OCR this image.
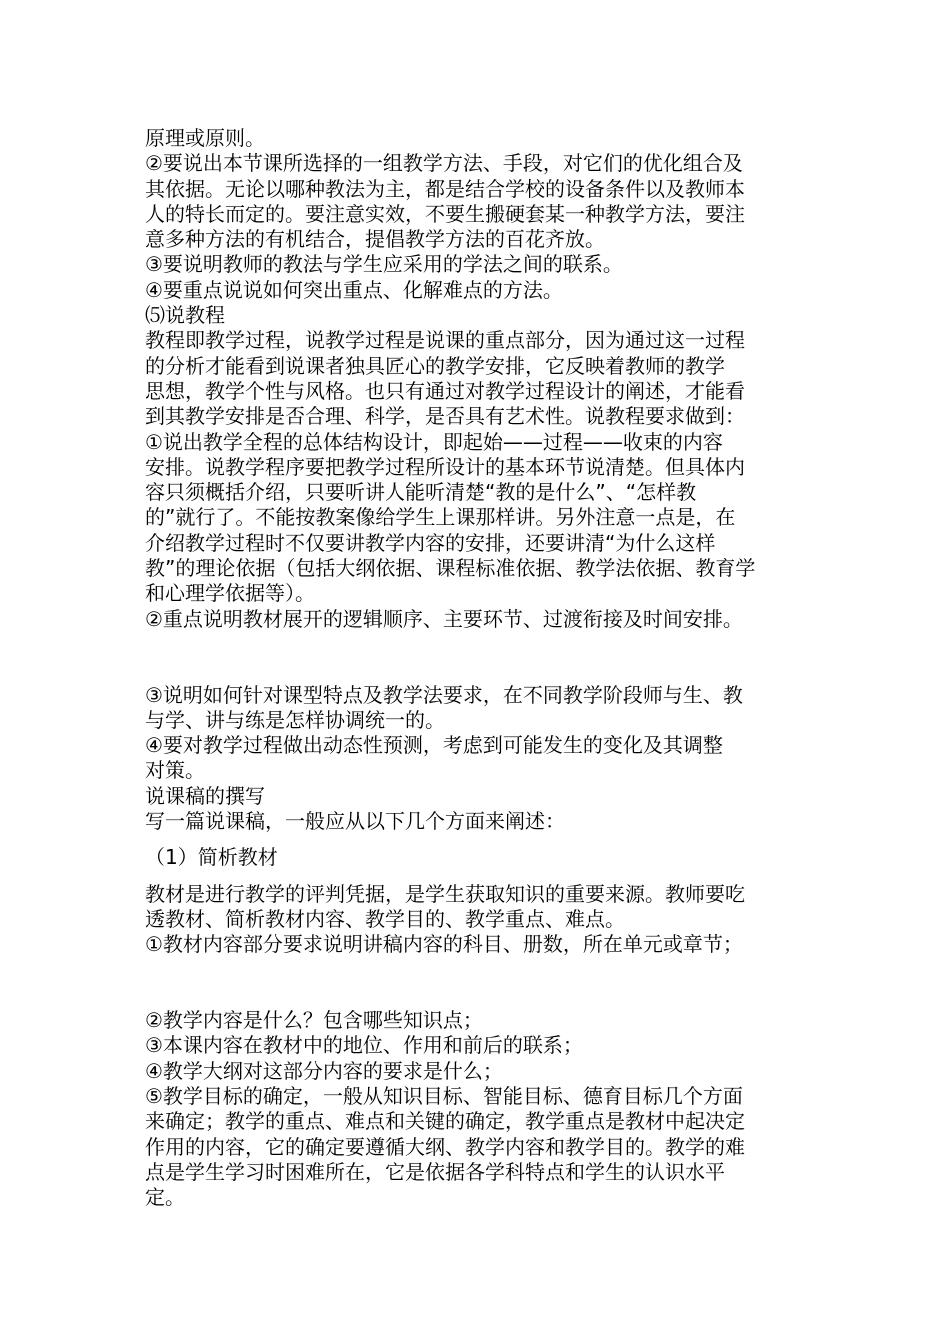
原理或原则。
②要说出本节课所选择的一组教学方法、手段，对它们的优化组合及
其依据。无论以哪种教法为主，都是结合学校的设备条件以及教师本
人的特长而定的。要注意实效，不要生搬硬套某一种教学方法，要注
意多种方法的有机结合，提倡教学方法的百花齐放。
③要说明教师的教法与学生应采用的学法之间的联系。
④要重点说说如何突出重点、化解难点的方法。
⑸说教程
教程即教学过程，说教学过程是说课的重点部分，因为通过这一过程
的分析才能看到说课者独具匠心的教学安排，它反映着教师的教学
思想，教学个性与风格。也只有通过对教学过程设计的阐述，才能看
到其教学安排是否合理、科学，是否具有艺术性。说教程要求做到：
①说出教学全程的总体结构设计，即起始——过程——收束的内容
安排。说教学程序要把教学过程所设计的基本环节说清楚。但具体内
容只须概括介绍，只要听讲人能听清楚“教的是什么”、“怎样教
的”就行了。不能按教案像给学生上课那样讲。另外注意一点是，在
介绍教学过程时不仅要讲教学内容的安排，还要讲清“为什么这样
教”的理论依据（包括大纲依据、课程标准依据、教学法依据、教育学
和心理学依据等）。
②重点说明教材展开的逻辑顺序、主要环节、过渡衔接及时间安排。
③说明如何针对课型特点及教学法要求，在不同教学阶段师与生、教
与学、讲与练是怎样协调统一的。
④要对教学过程做出动态性预测，考虑到可能发生的变化及其调整
对策。
说课稿的撰写
写一篇说课稿，一般应从以下几个方面来阐述：
（1）简析教材
教材是进行教学的评判凭据，是学生获取知识的重要来源。教师要吃
透教材、简析教材内容、教学目的、教学重点、难点。
①教材内容部分要求说明讲稿内容的科目、册数，所在单元或章节；
②教学内容是什么？包含哪些知识点；
③本课内容在教材中的地位、作用和前后的联系；
④教学大纲对这部分内容的要求是什么；
⑤教学目标的确定，一般从知识目标、智能目标、德育目标几个方面
来确定；教学的重点、难点和关键的确定，教学重点是教材中起决定
作用的内容，它的确定要遵循大纲、教学内容和教学目的。教学的难
点是学生学习时困难所在，它是依据各学科特点和学生的认识水平
定。
